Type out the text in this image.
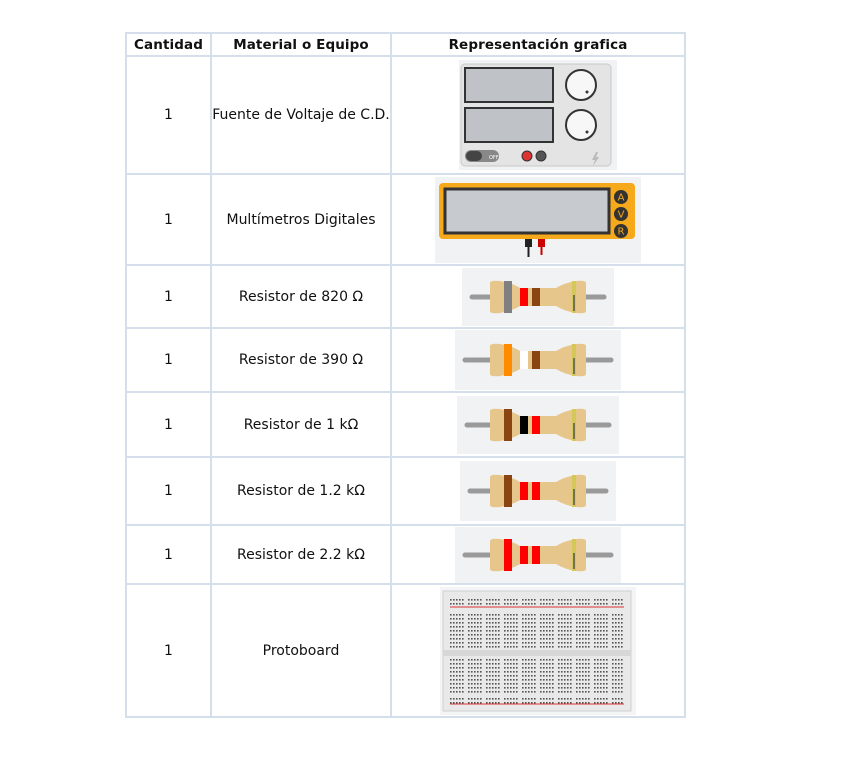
Cantidad	Material o Equipo	Representación grafica
1	Fuente de Voltaje de C.D.	OFF

1	Multímetros Digitales	A
V
R

1	Resistor de 820 Ω	

1	Resistor de 390 Ω	

1	Resistor de 1 kΩ	

1	Resistor de 1.2 kΩ	

1	Resistor de 2.2 kΩ	

1	Protoboard	
